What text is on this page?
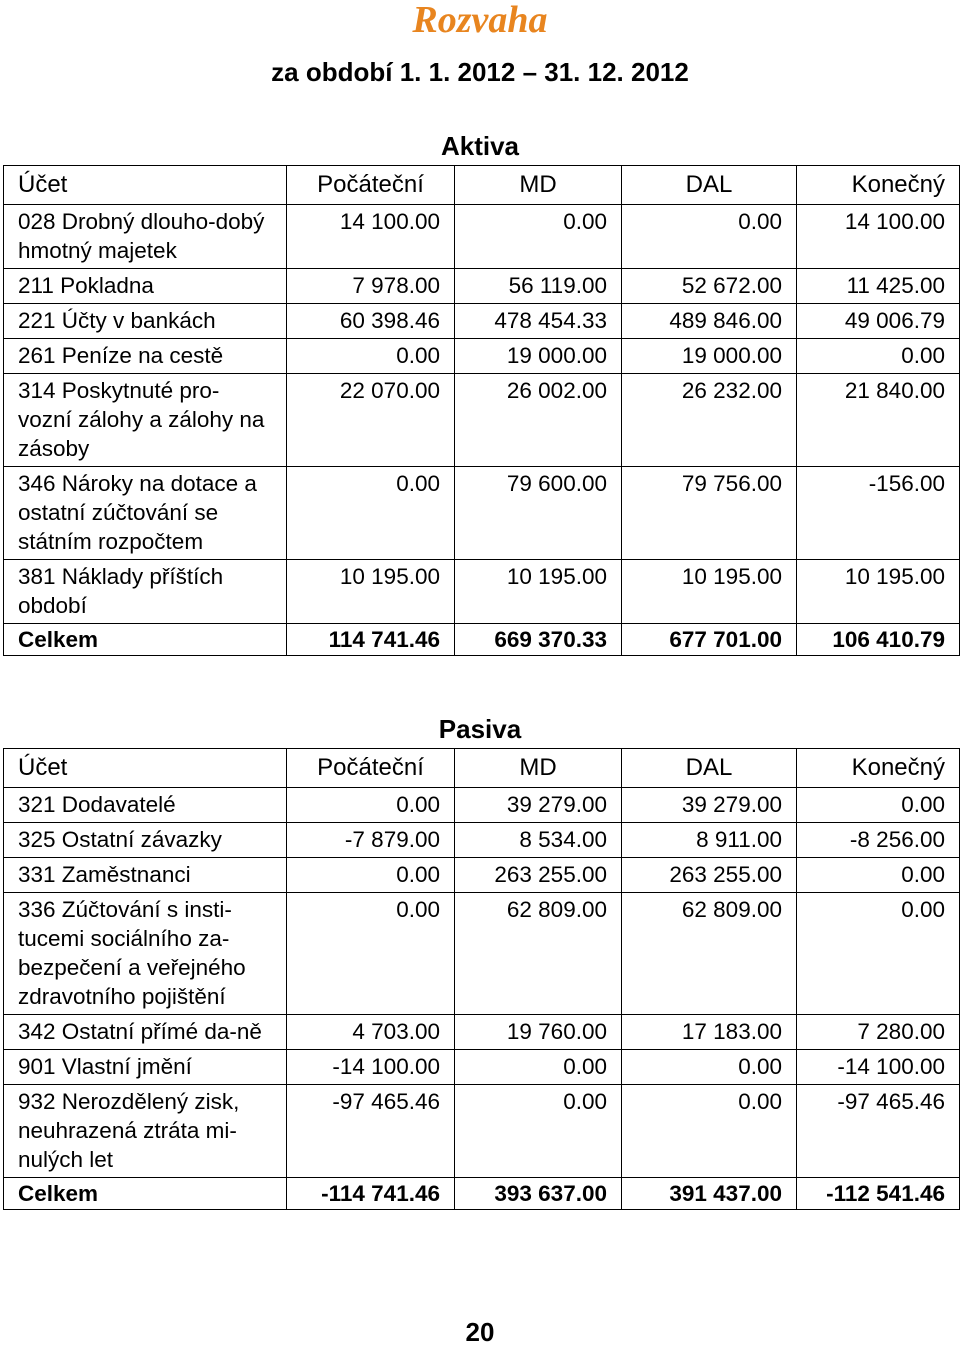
Rozvaha
za období 1. 1. 2012 – 31. 12. 2012
Aktiva
Účet	Počáteční	MD	DAL	Konečný
028 Drobný dlouho-dobý hmotný majetek	14 100.00	0.00	0.00	14 100.00
211 Pokladna	7 978.00	56 119.00	52 672.00	11 425.00
221 Účty v bankách	60 398.46	478 454.33	489 846.00	49 006.79
261 Peníze na cestě	0.00	19 000.00	19 000.00	0.00
314 Poskytnuté pro-vozní zálohy a zálohy na zásoby	22 070.00	26 002.00	26 232.00	21 840.00
346 Nároky na dotace a ostatní zúčtování se státním rozpočtem	0.00	79 600.00	79 756.00	-156.00
381 Náklady příštích období	10 195.00	10 195.00	10 195.00	10 195.00
Celkem	114 741.46	669 370.33	677 701.00	106 410.79
Pasiva
Účet	Počáteční	MD	DAL	Konečný
321 Dodavatelé	0.00	39 279.00	39 279.00	0.00
325 Ostatní závazky	-7 879.00	8 534.00	8 911.00	-8 256.00
331 Zaměstnanci	0.00	263 255.00	263 255.00	0.00
336 Zúčtování s insti-tucemi sociálního za-bezpečení a veřejného zdravotního pojištění	0.00	62 809.00	62 809.00	0.00
342 Ostatní přímé da-ně	4 703.00	19 760.00	17 183.00	7 280.00
901 Vlastní jmění	-14 100.00	0.00	0.00	-14 100.00
932 Nerozdělený zisk, neuhrazená ztráta mi-nulých let	-97 465.46	0.00	0.00	-97 465.46
Celkem	-114 741.46	393 637.00	391 437.00	-112 541.46
20
